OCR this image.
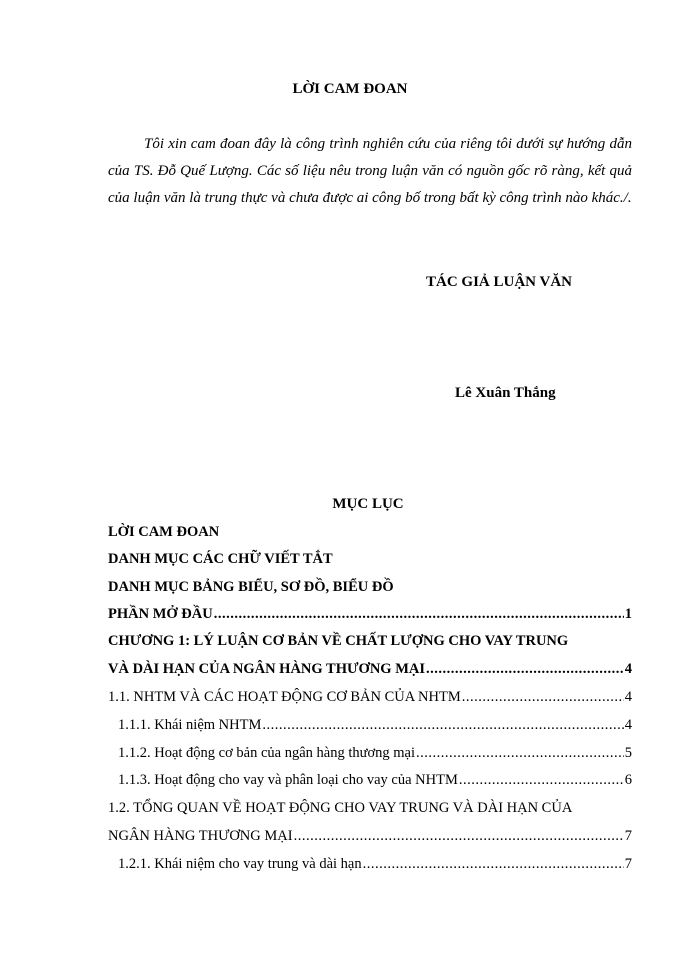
LỜI CAM ĐOAN
Tôi xin cam đoan đây là công trình nghiên cứu của riêng tôi dưới sự hướng dẫn của TS. Đỗ Quế Lượng. Các số liệu nêu trong luận văn có nguồn gốc rõ ràng, kết quả của luận văn là trung thực và chưa được ai công bố trong bất kỳ công trình nào khác./.
TÁC GIẢ LUẬN VĂN
Lê Xuân Thắng
MỤC LỤC
LỜI CAM ĐOAN
DANH MỤC CÁC CHỮ VIẾT TẮT
DANH MỤC BẢNG BIỂU, SƠ ĐỒ, BIỂU ĐỒ
PHẦN MỞ ĐẦU .....	1
CHƯƠNG 1: LÝ LUẬN CƠ BẢN VỀ CHẤT LƯỢNG CHO VAY TRUNG
VÀ DÀI HẠN CỦA NGÂN HÀNG THƯƠNG MẠI .....	4
1.1. NHTM VÀ CÁC HOẠT ĐỘNG CƠ BẢN CỦA NHTM .....	4
1.1.1. Khái niệm NHTM .....	4
1.1.2. Hoạt động cơ bản của ngân hàng thương mại .....	5
1.1.3. Hoạt động cho vay và phân loại cho vay của NHTM .....	6
1.2. TỔNG QUAN VỀ HOẠT ĐỘNG CHO VAY TRUNG VÀ DÀI HẠN CỦA
NGÂN HÀNG THƯƠNG MẠI .....	7
1.2.1. Khái niệm cho vay trung và dài hạn .....	7
